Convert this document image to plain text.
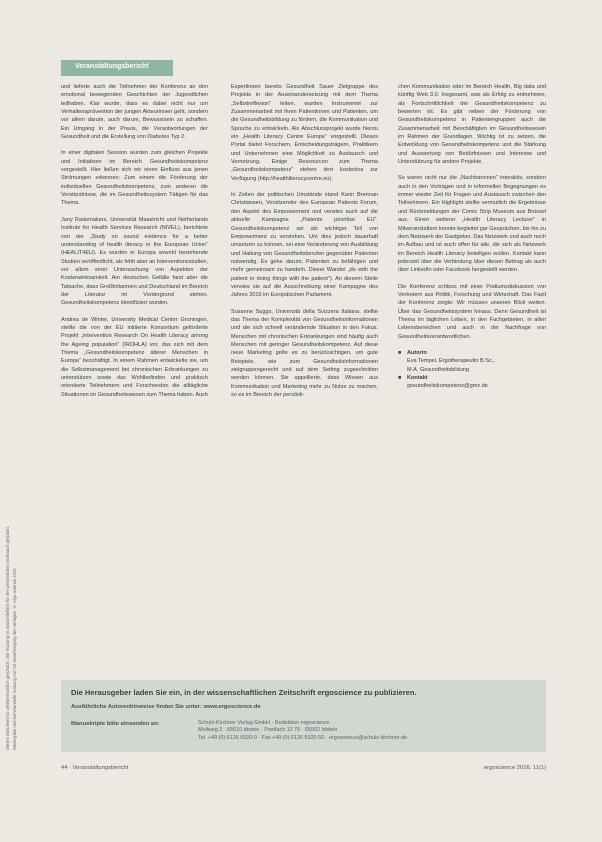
Dieses Dokument ist urheberrechtlich geschützt. Die Nutzung ist ausschließlich für den persönlichen Gebrauch gestattet. Weitergabe und kommerzielle Nutzung nur mit Genehmigung des Verlages. © ergo science 2016
Veranstaltungsbericht

und lieferte auch die Teilnehmer der Konferenz an den emotional bewegenden Geschichten der Jugendlichen teilhaben. Klar wurde, dass es dabei nicht nur um Verhaltensprävention der jungen Akteurinnen geht, sondern vor allem darum, auch darum, Bewusstsein zu schaffen. Ein Umgang in der Praxis, die Verantwortungen der Gesundheit und die Erstellung von Diabetes Typ 2.

In einer digitalen Session wurden zum gleichen Projekte und Initiativen im Bereich Gesundheitskompetenz vorgestellt. Hier ließen sich wir einen Einfluss aus jenen Strömungen erkennen: Zum einem die Förderung der individuellen Gesundheitskompetenz, zum anderen die Verständnisse, die im Gesundheitssystem Tätigen für das Thema.

Jany Rademakers, Universität Maastricht und Netherlands Institute for Health Services Research (NIVEL), berichtete von der „Study on sound evidence for a better understanding of health literacy in the European Union“ (HEALIT4EU). Es wurden in Europa sowohl bestehende Studien veröffentlicht, als fehlt aber an Interventionsstudien, vor allem einer Untersuchung von Aspekten der Kostenwirksamkeit. Am deutschen Gefälle fand aber die Tatsache, dass Großbritannien und Deutschland im Bereich der Literatur im Vordergrund stehen. Gesundheitskompetenz identifiziert wurden.

Andrea de Winter, University Medical Center Groningen, stellte die von der EU initiierte Konsortium geförderte Projekt „Intervention Research On Health Literacy among the Ageing population“ (IROHLA) vor, das sich mit dem Thema „Gesundheitskompetenz älterer Menschen in Europa“ beschäftigt. In einem Rahmen entwickelte sie, um die Selbstmanagement bei chronischen Erkrankungen zu unterstützen sowie das Wohlbefinden und praktisch orientierte Teilnehmern und Forschenden die alltägliche Situationen im Gesundheitswesen zum Thema haben. Auch

Expertinnen bereits Gesundheit Sauer Zielgruppe des Projekts in der Auseinandersetzung mit dem Thema „Selbstreflexion“ leiten, wurden Instrumente zur Zusammenarbeit mit ihren Patientinnen und Patienten, um die Gesundheitsbildung zu fördern, die Kommunikation und Sprache zu entwickeln. Als Abschlussprojekt wurde hierzu ein „Health Literacy Centre Europe“ vorgestellt. Dieses Portal bietet Forschern, Entscheidungsträgern, Praktikern und Unternehmen eine Möglichkeit zu Austausch und Vernetzung. Einige Ressourcen zum Thema „Gesundheitskompetenz“ stehen dort kostenlos zur Verfügung (http://healthliteracycentre.eu).

In Zeiten der politischen Umstände stand Karin Brennan Christiansen, Vorsitzender des European Patients Forum, den Aspekt des Empowerment und verwies auch auf die aktuelle Kampagne „Patients prioritise EU“. Gesundheitskompetenz sei als wichtiger Teil von Empowerment zu verstehen. Um dies jedoch dauerhaft umsetzen zu können, sei eine Veränderung von Ausbildung und Haltung von Gesundheitsberufen gegenüber Patienten notwendig. Es gehe darum, Patienten zu befähigen und mehr gemeinsam zu handeln. Dieser Wandel „do with the patient to doing things with the patient“). An diesem Stelle verwies sie auf die Ausschreibung einer Kampagne des Jahres 2016 im Europäischen Parlament.

Susanne Suggs, Università della Svizzera Italiana, stellte das Thema der Komplexität von Gesundheitsinformationen und die sich schnell verändernde Situation in den Fokus. Menschen mit chronischen Erkrankungen sind häufig auch Menschen mit geringer Gesundheitskompetenz. Auf diese neue Marketing gelte es zu berücksichtigen, um gute Beispiele, wie zum Gesundheitsinformationen zielgruppengerecht und auf dem Setting zugeschnitten werden können. Sie appellierte, dass Wissen aus Kommunikation und Marketing mehr zu Nutze zu machen, so es im Bereich der persönli-

chen Kommunikation oder im Bereich Health, Big data und künftig Web 3.0. Insgesamt, was als Erfolg zu entnehmen, als Fortschrittlichkeit der Gesundheitskompetenz zu bewerten ist. Es gibt neben der Förderung von Gesundheitskompetenz in Patientengruppen auch die Zusammenarbeit mit Beschäftigten im Gesundheitswesen im Rahmen der Grundlagen. Wichtig ist zu setzen, die Entwicklung von Gesundheitskompetenz und die Stärkung und Auswertung von Bedürfnissen und Interesse und Unterstützung für andere Projekte.

So waren nicht nur die „Nachbarinnen“ interaktiv, sondern auch in den Vorträgen und in informellen Begegnungen es immer wieder Zeit für Fragen und Austausch zwischen den Teilnehmern. Ein Highlight stellte vermutlich die Ergebnisse und Rückmeldungen der Comic Strip Museum aus Brüssel aus. Einen weiterer „Health Literacy Lecturer“ in Mitveranstaltern konnte begleitet gar Gesprächen, bis hin zu dem Netzwerk der Gastgeber. Das Netzwerk und auch noch im Aufbau und ist auch offen für alle, die sich als Netzwerk im Bereich Health Literacy beteiligen wollen. Kontakt kann jederzeit über die Verbindung über diesen Beitrag als auch über LinkedIn oder Facebook hergestellt werden.

Die Konferenz schloss mit einer Podiumsdiskussion von Vertretern aus Politik, Forschung und Wirtschaft. Das Fazit der Konferenz zeigte: Wir müssen unseren Blick weiten. Über das Gesundheitssystem hinaus. Denn Gesundheit ist Thema im täglichen Leben, in den Fachgebieten, in allen Lebensbereichen und auch in der Nachfrage von Gesundheitsverantwortlichen.

■	Autorin
Eva Tempel, Ergotherapeutin B.Sc.,
M.A. Gesundheitsbildung
■	Kontakt
gesundheitskompetenz@gmx.de
Die Herausgeber laden Sie ein, in der wissenschaftlichen Zeitschrift ergoscience zu publizieren.
Ausführliche Autorenhinweise finden Sie unter: www.ergoscience.de
Manuskripte bitte einsenden an:	Schulz-Kirchner Verlag GmbH · Redaktion ergoscience
Mollweg 2 · 65510 Idstein · Postfach 12 75 · 65502 Idstein
Tel. +49 (0) 6126 9320-0 · Fax +49 (0) 6126 9320-50 · ergoscience@schulz-kirchner.de
44 · Veranstaltungsbericht	ergoscience 2016, 11(1)
